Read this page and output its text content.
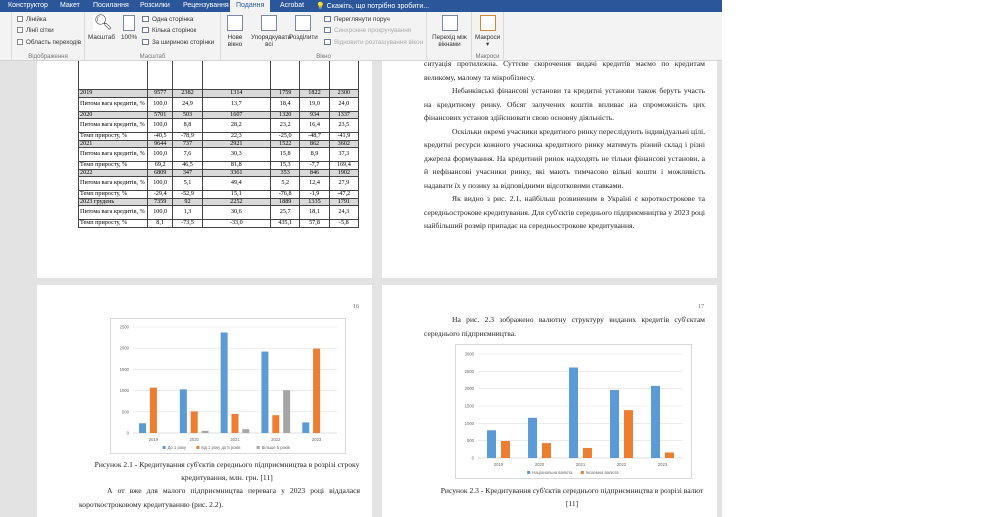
Конструктор Макет Посилання Розсилки Рецензування	Подання	Acrobat 💡 Скажіть, що потрібно зробити...
Лінійка
Лінії сітки
Область переходів
Відображення
🔍︎
Масштаб 100%
Одна сторінка
Кілька сторінок
За шириною сторінки
Масштаб
Нове вікно
Упорядкувати всі
Розділити
Переглянути поруч
Синхронне прокручування
Відновити розташування вікон
Вікно
Перехід між вікнами
Макроси
▾
Макроси

2019	9577	2382	1314	1759	1822	2300
Питома вага кредитів, %	100,0	24,9	13,7	18,4	19,0	24,0
2020	5701	503	1607	1320	934	1337
Питома вага кредитів, %	100,0	8,8	28,2	23,2	16,4	23,5
Темп приросту, %	-40,5	-78,9	22,3	-25,0	-48,7	-41,9
2021	9644	737	2921	1522	862	3602
Питома вага кредитів, %	100,0	7,6	30,3	15,8	8,9	37,3
Темп приросту, %	69,2	46,5	81,8	15,3	-7,7	169,4
2022	6809	347	3361	353	846	1902
Питома вага кредитів, %	100,0	5,1	49,4	5,2	12,4	27,9
Темп приросту, %	-29,4	-52,9	15,1	-76,8	-1,9	-47,2
2023 грудень	7359	92	2252	1889	1335	1791
Питома вага кредитів, %	100,0	1,3	30,6	25,7	18,1	24,3
Темп приросту, %	8,1	-73,5	-33,0	435,1	57,8	-5,8

ситуація протилежна. Суттєве скорочення видачі кредитів маємо по кредитам великому, малому та мікробізнесу.

Небанківські фінансові установи та кредитні установи також беруть участь на кредитному ринку. Обсяг залучених коштів впливає на спроможність цих фінансових установ здійснювати свою основну діяльність.

Оскільки окремі учасники кредитного ринку переслідують індивідуальні цілі, кредитні ресурси кожного учасника кредитного ринку матимуть різний склад і різні джерела формування. На кредитний ринок надходять не тільки фінансові установи, а й нефінансові учасники ринку, які мають тимчасово вільні кошти і можливість надавати їх у позику за відповідними відсотковими ставками.

Як видно з рис. 2.1, найбільш розвиненим в Україні є короткострокове та середньострокове кредитування. Для суб'єктів середнього підприємництва у 2023 році найбільший розмір припадає на середньострокове кредитування.

16
0
500
1000
1500
2000
2500
2019	2020	2021	2022	2023
До 1 року	від 1 року до 5 років	Більше 5 років
Рисунок 2.1 - Кредитування суб'єктів середнього підприємництва в розрізі строку кредитування, млн. грн. [11]
А от вже для малого підприємництва перевага у 2023 році віддалася короткостроковому кредитуванню (рис. 2.2).
17
На рис. 2.3 зображено валютну структуру виданих кредитів суб'єктам середнього підприємництва.
0
500
1000
1500
2000
2500
3000
2019	2020	2021	2022	2023
Національна валюта	Іноземна валюта
Рисунок 2.3 - Кредитування суб'єктів середнього підприємництва в розрізі валют [11]
